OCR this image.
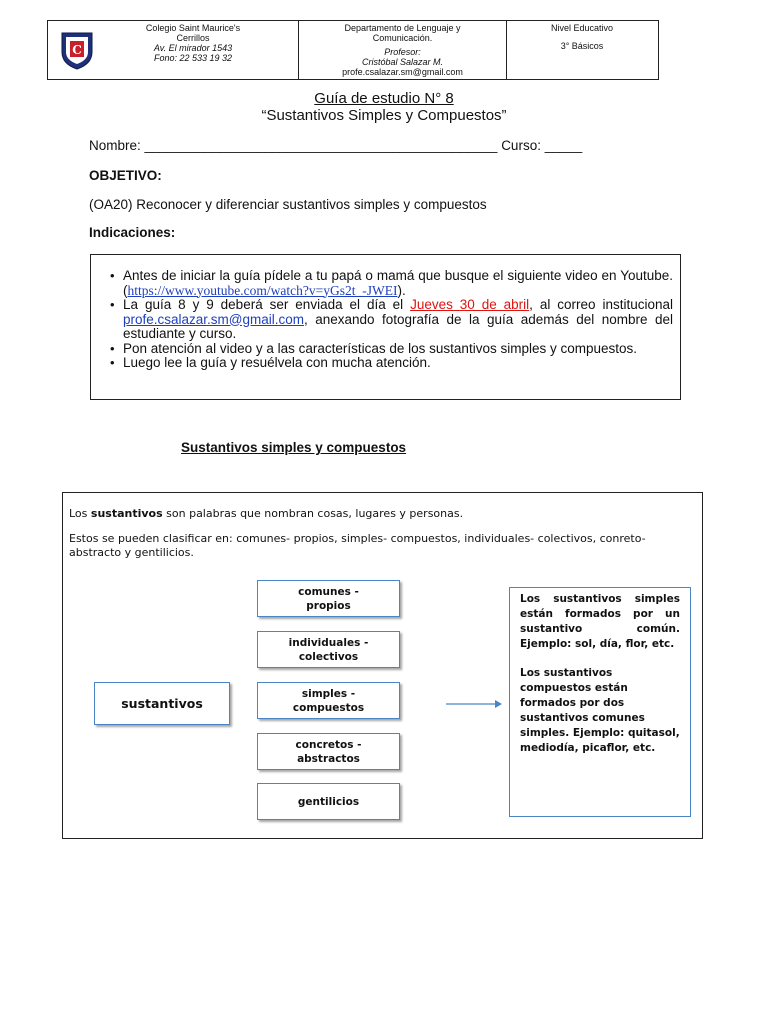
C
Colegio Saint Maurice's
Cerrillos
Av. El mirador 1543
Fono: 22 533 19 32
Departamento de Lenguaje y
Comunicación.
Profesor:
Cristóbal Salazar M.
profe.csalazar.sm@gmail.com
Nivel Educativo
3° Básicos
Guía de estudio N° 8
“Sustantivos Simples y Compuestos”
Nombre: _______________________________________________ Curso: _____
OBJETIVO:
(OA20) Reconocer y diferenciar sustantivos simples y compuestos
Indicaciones:
• Antes de iniciar la guía pídele a tu papá o mamá que busque el siguiente video en Youtube. (https://www.youtube.com/watch?v=yGs2t_-JWEI).
• La guía 8 y 9 deberá ser enviada el día el Jueves 30 de abril, al correo institucional profe.csalazar.sm@gmail.com, anexando fotografía de la guía además del nombre del estudiante y curso.
• Pon atención al video y a las características de los sustantivos simples y compuestos.
• Luego lee la guía y resuélvela con mucha atención.
Sustantivos simples y compuestos
Los sustantivos son palabras que nombran cosas, lugares y personas.
Estos se pueden clasificar en: comunes- propios, simples- compuestos, individuales- colectivos, conreto- abstracto y gentilicios.
sustantivos
comunes -
propios
individuales -
colectivos
simples -
compuestos
concretos -
abstractos
gentilicios

Los sustantivos simples están formados por un sustantivo común. Ejemplo: sol, día, flor, etc.

Los sustantivos compuestos están formados por dos sustantivos comunes simples. Ejemplo: quitasol, mediodía, picaflor, etc.
